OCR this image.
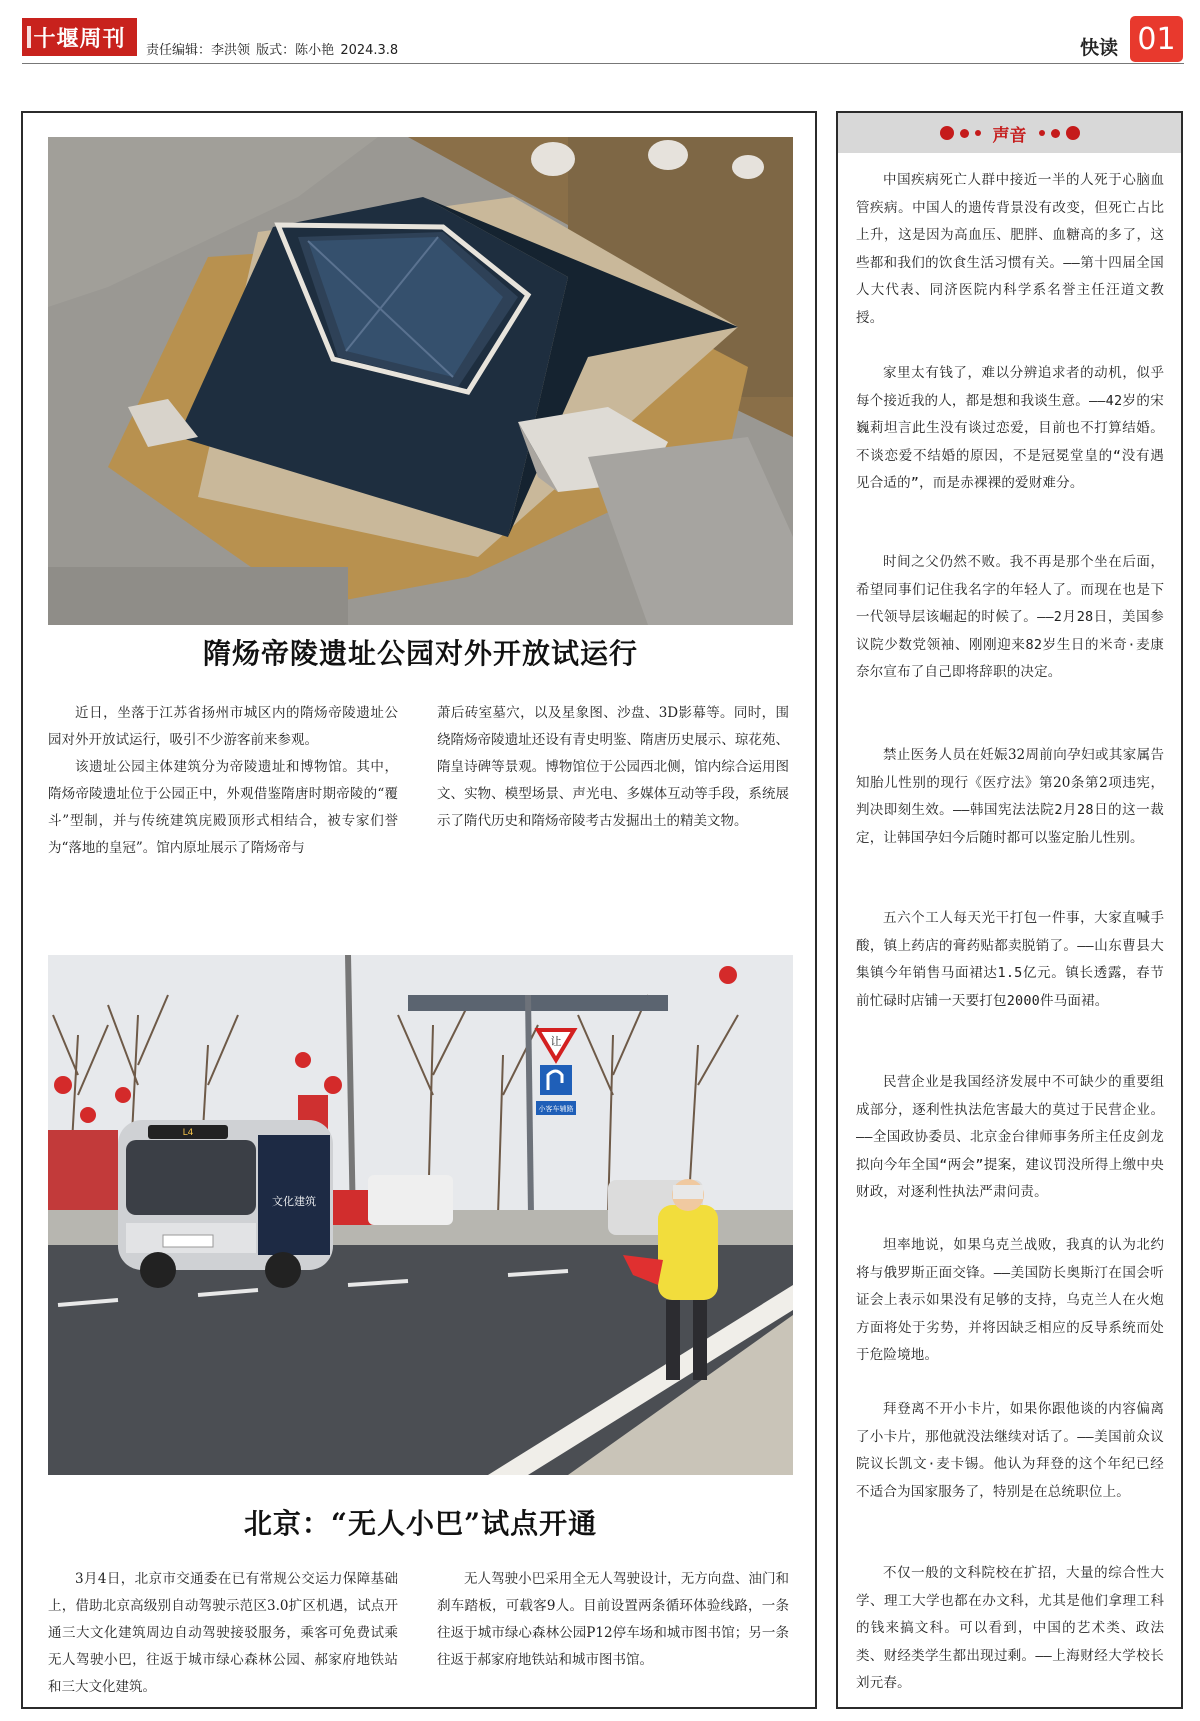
十堰周刊 责任编辑：李洪领 版式：陈小艳 2024.3.8	快读 01
隋炀帝陵遗址公园对外开放试运行

近日，坐落于江苏省扬州市城区内的隋炀帝陵遗址公园对外开放试运行，吸引不少游客前来参观。

该遗址公园主体建筑分为帝陵遗址和博物馆。其中，隋炀帝陵遗址位于公园正中，外观借鉴隋唐时期帝陵的“覆斗”型制，并与传统建筑庑殿顶形式相结合，被专家们誉为“落地的皇冠”。馆内原址展示了隋炀帝与

萧后砖室墓穴，以及星象图、沙盘、3D影幕等。同时，围绕隋炀帝陵遗址还设有青史明鉴、隋唐历史展示、琼花苑、隋皇诗碑等景观。博物馆位于公园西北侧，馆内综合运用图文、实物、模型场景、声光电、多媒体互动等手段，系统展示了隋代历史和隋炀帝陵考古发掘出土的精美文物。

让
小客车辅路
L4
文化建筑
北京：“无人小巴”试点开通

3月4日，北京市交通委在已有常规公交运力保障基础上，借助北京高级别自动驾驶示范区3.0扩区机遇，试点开通三大文化建筑周边自动驾驶接驳服务，乘客可免费试乘无人驾驶小巴，往返于城市绿心森林公园、郝家府地铁站和三大文化建筑。

无人驾驶小巴采用全无人驾驶设计，无方向盘、油门和刹车踏板，可载客9人。目前设置两条循环体验线路，一条往返于城市绿心森林公园P12停车场和城市图书馆；另一条往返于郝家府地铁站和城市图书馆。

声音

中国疾病死亡人群中接近一半的人死于心脑血管疾病。中国人的遗传背景没有改变，但死亡占比上升，这是因为高血压、肥胖、血糖高的多了，这些都和我们的饮食生活习惯有关。——第十四届全国人大代表、同济医院内科学系名誉主任汪道文教授。

家里太有钱了，难以分辨追求者的动机，似乎每个接近我的人，都是想和我谈生意。——42岁的宋巍莉坦言此生没有谈过恋爱，目前也不打算结婚。不谈恋爱不结婚的原因，不是冠冕堂皇的“没有遇见合适的”，而是赤裸裸的爱财难分。

时间之父仍然不败。我不再是那个坐在后面，希望同事们记住我名字的年轻人了。而现在也是下一代领导层该崛起的时候了。——2月28日，美国参议院少数党领袖、刚刚迎来82岁生日的米奇·麦康奈尔宣布了自己即将辞职的决定。

禁止医务人员在妊娠32周前向孕妇或其家属告知胎儿性别的现行《医疗法》第20条第2项违宪，判决即刻生效。——韩国宪法法院2月28日的这一裁定，让韩国孕妇今后随时都可以鉴定胎儿性别。

五六个工人每天光干打包一件事，大家直喊手酸，镇上药店的膏药贴都卖脱销了。——山东曹县大集镇今年销售马面裙达1.5亿元。镇长透露，春节前忙碌时店铺一天要打包2000件马面裙。

民营企业是我国经济发展中不可缺少的重要组成部分，逐利性执法危害最大的莫过于民营企业。——全国政协委员、北京金台律师事务所主任皮剑龙拟向今年全国“两会”提案，建议罚没所得上缴中央财政，对逐利性执法严肃问责。

坦率地说，如果乌克兰战败，我真的认为北约将与俄罗斯正面交锋。——美国防长奥斯汀在国会听证会上表示如果没有足够的支持，乌克兰人在火炮方面将处于劣势，并将因缺乏相应的反导系统而处于危险境地。

拜登离不开小卡片，如果你跟他谈的内容偏离了小卡片，那他就没法继续对话了。——美国前众议院议长凯文·麦卡锡。他认为拜登的这个年纪已经不适合为国家服务了，特别是在总统职位上。

不仅一般的文科院校在扩招，大量的综合性大学、理工大学也都在办文科，尤其是他们拿理工科的钱来搞文科。可以看到，中国的艺术类、政法类、财经类学生都出现过剩。——上海财经大学校长刘元春。
